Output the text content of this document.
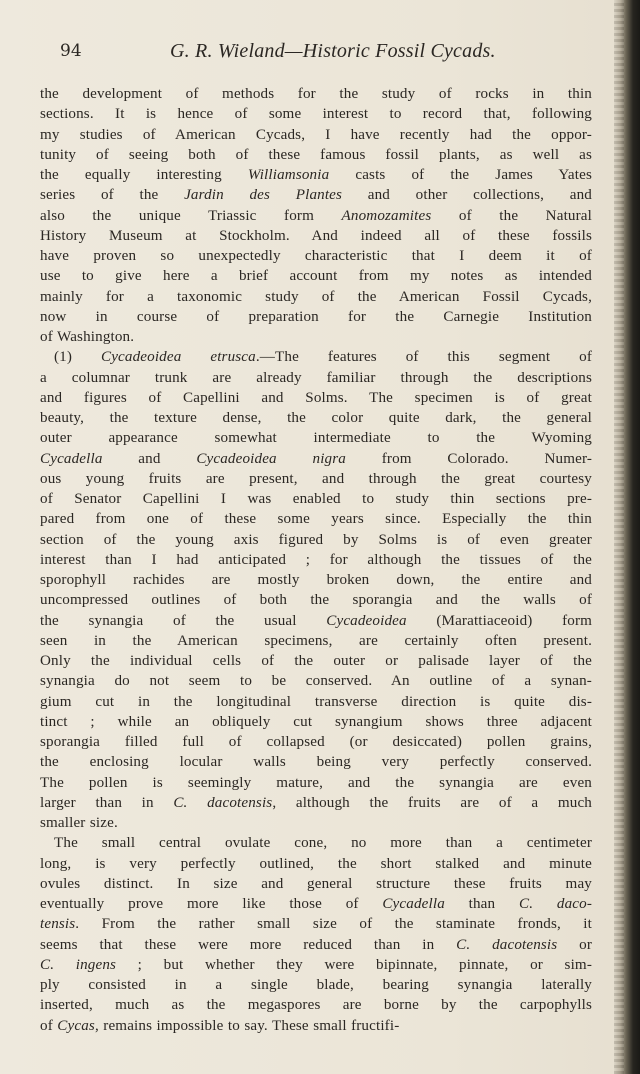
94	G. R. Wieland—Historic Fossil Cycads.
the development of methods for the study of rocks in thin
sections. It is hence of some interest to record that, following
my studies of American Cycads, I have recently had the oppor-
tunity of seeing both of these famous fossil plants, as well as
the equally interesting Williamsonia casts of the James Yates
series of the Jardin des Plantes and other collections, and
also the unique Triassic form Anomozamites of the Natural
History Museum at Stockholm. And indeed all of these fossils
have proven so unexpectedly characteristic that I deem it of
use to give here a brief account from my notes as intended
mainly for a taxonomic study of the American Fossil Cycads,
now in course of preparation for the Carnegie Institution
of Washington.
(1) Cycadeoidea etrusca.—The features of this segment of
a columnar trunk are already familiar through the descriptions
and figures of Capellini and Solms. The specimen is of great
beauty, the texture dense, the color quite dark, the general
outer appearance somewhat intermediate to the Wyoming
Cycadella and Cycadeoidea nigra from Colorado. Numer-
ous young fruits are present, and through the great courtesy
of Senator Capellini I was enabled to study thin sections pre-
pared from one of these some years since. Especially the thin
section of the young axis figured by Solms is of even greater
interest than I had anticipated ; for although the tissues of the
sporophyll rachides are mostly broken down, the entire and
uncompressed outlines of both the sporangia and the walls of
the synangia of the usual Cycadeoidea (Marattiaceoid) form
seen in the American specimens, are certainly often present.
Only the individual cells of the outer or palisade layer of the
synangia do not seem to be conserved. An outline of a synan-
gium cut in the longitudinal transverse direction is quite dis-
tinct ; while an obliquely cut synangium shows three adjacent
sporangia filled full of collapsed (or desiccated) pollen grains,
the enclosing locular walls being very perfectly conserved.
The pollen is seemingly mature, and the synangia are even
larger than in C. dacotensis, although the fruits are of a much
smaller size.
The small central ovulate cone, no more than a centimeter
long, is very perfectly outlined, the short stalked and minute
ovules distinct. In size and general structure these fruits may
eventually prove more like those of Cycadella than C. daco-
tensis. From the rather small size of the staminate fronds, it
seems that these were more reduced than in C. dacotensis or
C. ingens ; but whether they were bipinnate, pinnate, or sim-
ply consisted in a single blade, bearing synangia laterally
inserted, much as the megaspores are borne by the carpophylls
of Cycas, remains impossible to say. These small fructifi-
